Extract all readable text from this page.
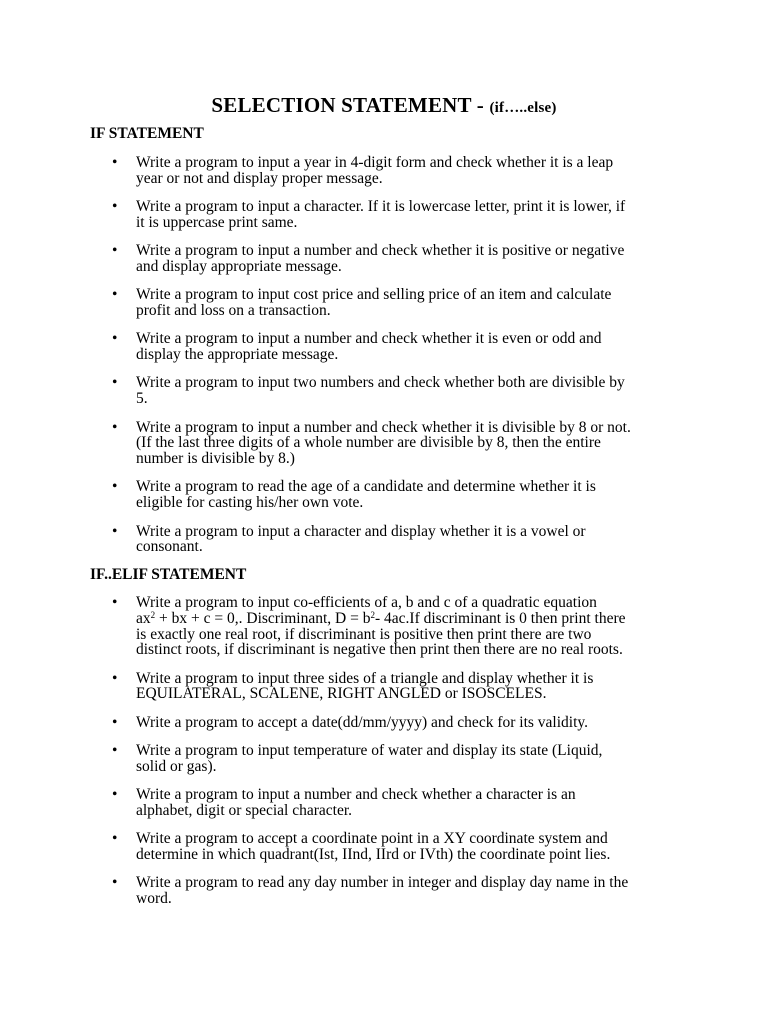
SELECTION STATEMENT - (if…..else)
IF STATEMENT
• Write a program to input a year in 4-digit form and check whether it is a leap
year or not and display proper message.
• Write a program to input a character. If it is lowercase letter, print it is lower, if
it is uppercase print same.
• Write a program to input a number and check whether it is positive or negative
and display appropriate message.
• Write a program to input cost price and selling price of an item and calculate
profit and loss on a transaction.
• Write a program to input a number and check whether it is even or odd and
display the appropriate message.
• Write a program to input two numbers and check whether both are divisible by
5.
• Write a program to input a number and check whether it is divisible by 8 or not.
(If the last three digits of a whole number are divisible by 8, then the entire
number is divisible by 8.)
• Write a program to read the age of a candidate and determine whether it is
eligible for casting his/her own vote.
• Write a program to input a character and display whether it is a vowel or
consonant.
IF..ELIF STATEMENT
• Write a program to input co-efficients of a, b and c of a quadratic equation
$ax^2$ + bx + c = 0,. Discriminant, $D = b^2-$ 4ac.If discriminant is 0 then print there
is exactly one real root, if discriminant is positive then print there are two
distinct roots, if discriminant is negative then print then there are no real roots.
• Write a program to input three sides of a triangle and display whether it is
EQUILATERAL, SCALENE, RIGHT ANGLED or ISOSCELES.
• Write a program to accept a date(dd/mm/yyyy) and check for its validity.
• Write a program to input temperature of water and display its state (Liquid,
solid or gas).
• Write a program to input a number and check whether a character is an
alphabet, digit or special character.
• Write a program to accept a coordinate point in a XY coordinate system and
determine in which quadrant(Ist, IInd, IIrd or IVth) the coordinate point lies.
• Write a program to read any day number in integer and display day name in the
word.
